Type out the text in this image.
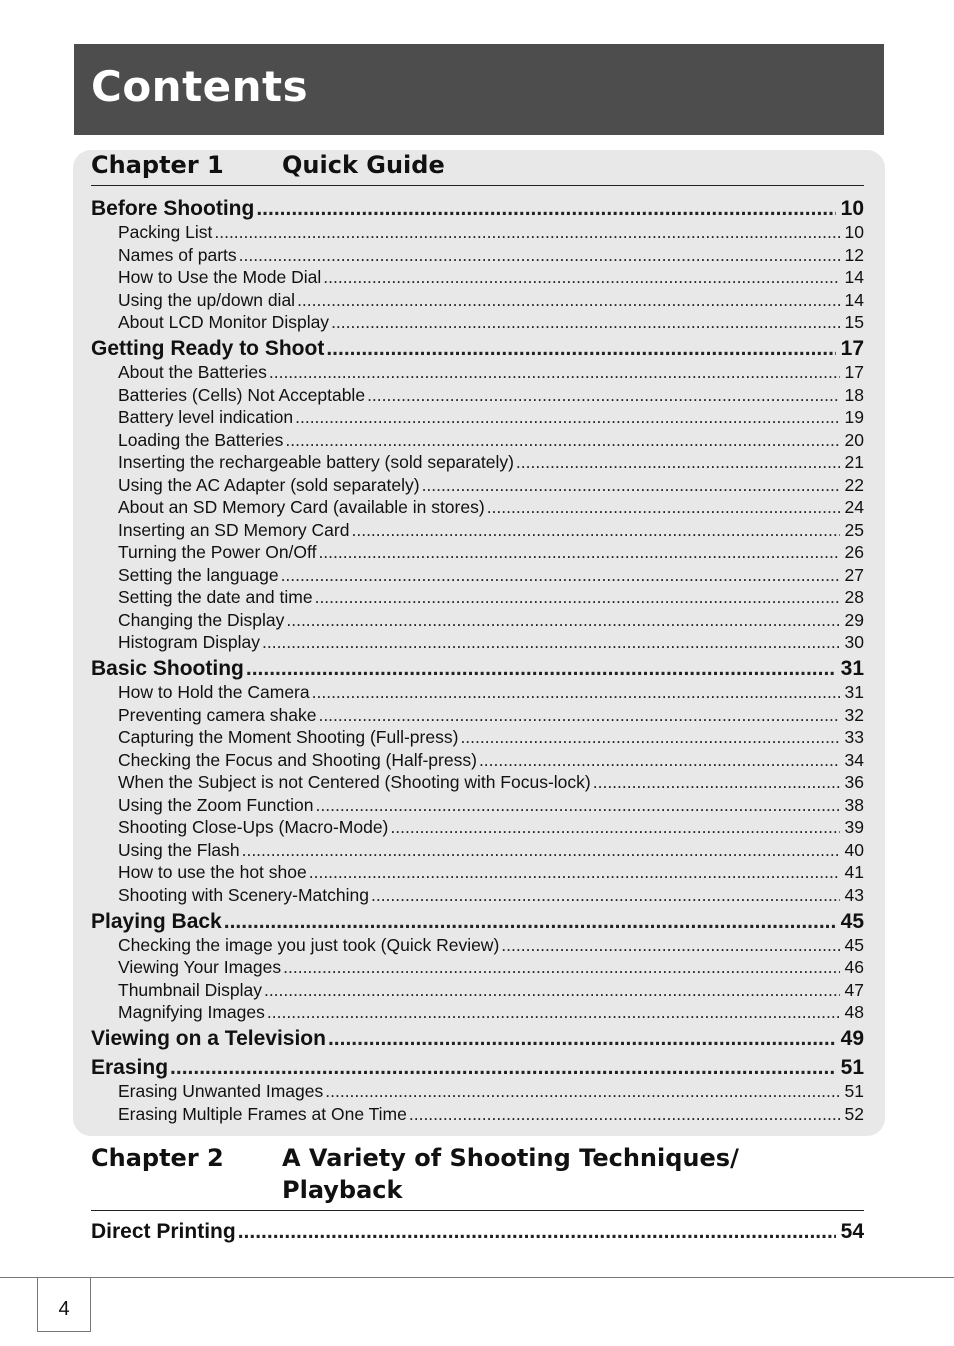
Contents
Chapter 1 Quick Guide
Before Shooting .....	10
Packing List .....	10
Names of parts .....	12
How to Use the Mode Dial .....	14
Using the up/down dial .....	14
About LCD Monitor Display .....	15
Getting Ready to Shoot .....	17
About the Batteries .....	17
Batteries (Cells) Not Acceptable .....	18
Battery level indication .....	19
Loading the Batteries .....	20
Inserting the rechargeable battery (sold separately) .....	21
Using the AC Adapter (sold separately) .....	22
About an SD Memory Card (available in stores) .....	24
Inserting an SD Memory Card .....	25
Turning the Power On/Off .....	26
Setting the language .....	27
Setting the date and time .....	28
Changing the Display .....	29
Histogram Display .....	30
Basic Shooting .....	31
How to Hold the Camera .....	31
Preventing camera shake .....	32
Capturing the Moment Shooting (Full-press) .....	33
Checking the Focus and Shooting (Half-press) .....	34
When the Subject is not Centered (Shooting with Focus-lock) .....	36
Using the Zoom Function .....	38
Shooting Close-Ups (Macro-Mode) .....	39
Using the Flash .....	40
How to use the hot shoe .....	41
Shooting with Scenery-Matching .....	43
Playing Back .....	45
Checking the image you just took (Quick Review) .....	45
Viewing Your Images .....	46
Thumbnail Display .....	47
Magnifying Images .....	48
Viewing on a Television .....	49
Erasing .....	51
Erasing Unwanted Images .....	51
Erasing Multiple Frames at One Time .....	52
Chapter 2 A Variety of Shooting Techniques/
Playback
Direct Printing .....	54
4
